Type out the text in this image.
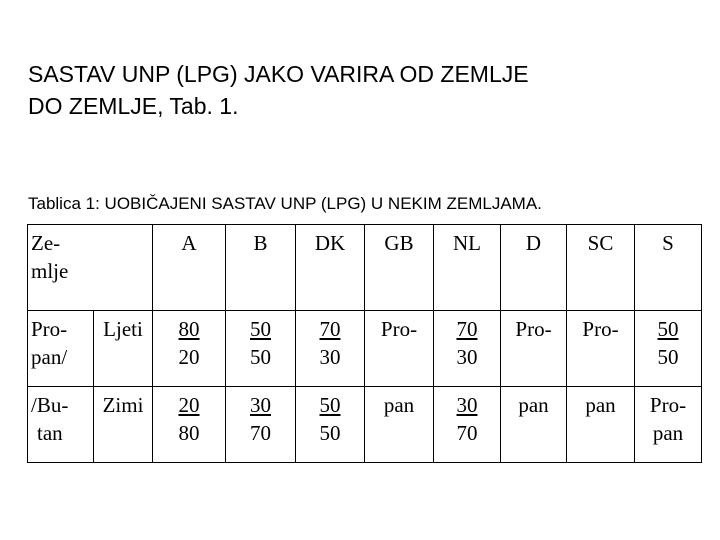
SASTAV UNP (LPG) JAKO VARIRA OD ZEMLJE
DO ZEMLJE, Tab. 1.
Tablica 1: UOBIČAJENI SASTAV UNP (LPG) U NEKIM ZEMLJAMA.
Ze-
mlje		A	B	DK	GB	NL	D	SC	S

Pro-
pan/	Ljeti	80
20	50
50	70
30	Pro-	70
30	Pro-	Pro-	50
50

/Bu-
tan	Zimi	20
80	30
70	50
50	pan	30
70	pan	pan	Pro-
pan
